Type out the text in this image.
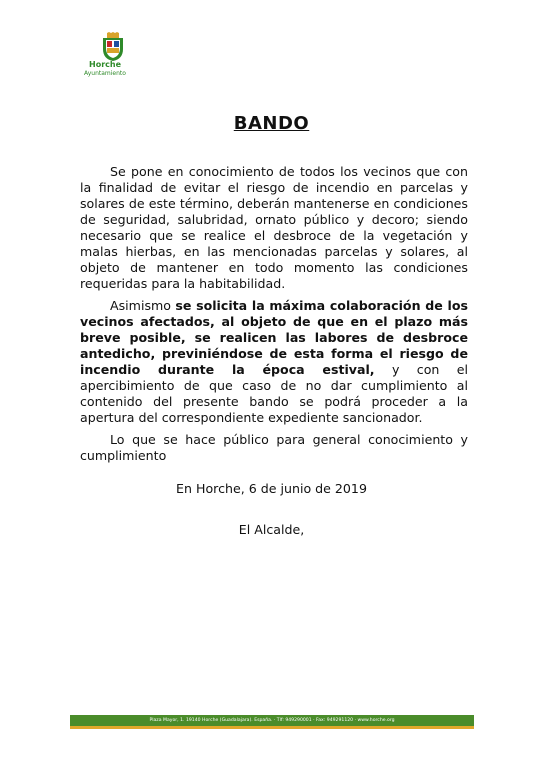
Horche
Ayuntamiento
BANDO

Se pone en conocimiento de todos los vecinos que con la finalidad de evitar el riesgo de incendio en parcelas y solares de este término, deberán mantenerse en condiciones de seguridad, salubridad, ornato público y decoro; siendo necesario que se realice el desbroce de la vegetación y malas hierbas, en las mencionadas parcelas y solares, al objeto de mantener en todo momento las condiciones requeridas para la habitabilidad.

Asimismo se solicita la máxima colaboración de los vecinos afectados, al objeto de que en el plazo más breve posible, se realicen las labores de desbroce antedicho, previniéndose de esta forma el riesgo de incendio durante la época estival, y con el apercibimiento de que caso de no dar cumplimiento al contenido del presente bando se podrá proceder a la apertura del correspondiente expediente sancionador.

Lo que se hace público para general conocimiento y cumplimiento

En Horche, 6 de junio de 2019
El Alcalde,
Plaza Mayor, 1. 19140 Horche (Guadalajara). España. · Tlf: 949290001 · Fax: 949291120 · www.horche.org
